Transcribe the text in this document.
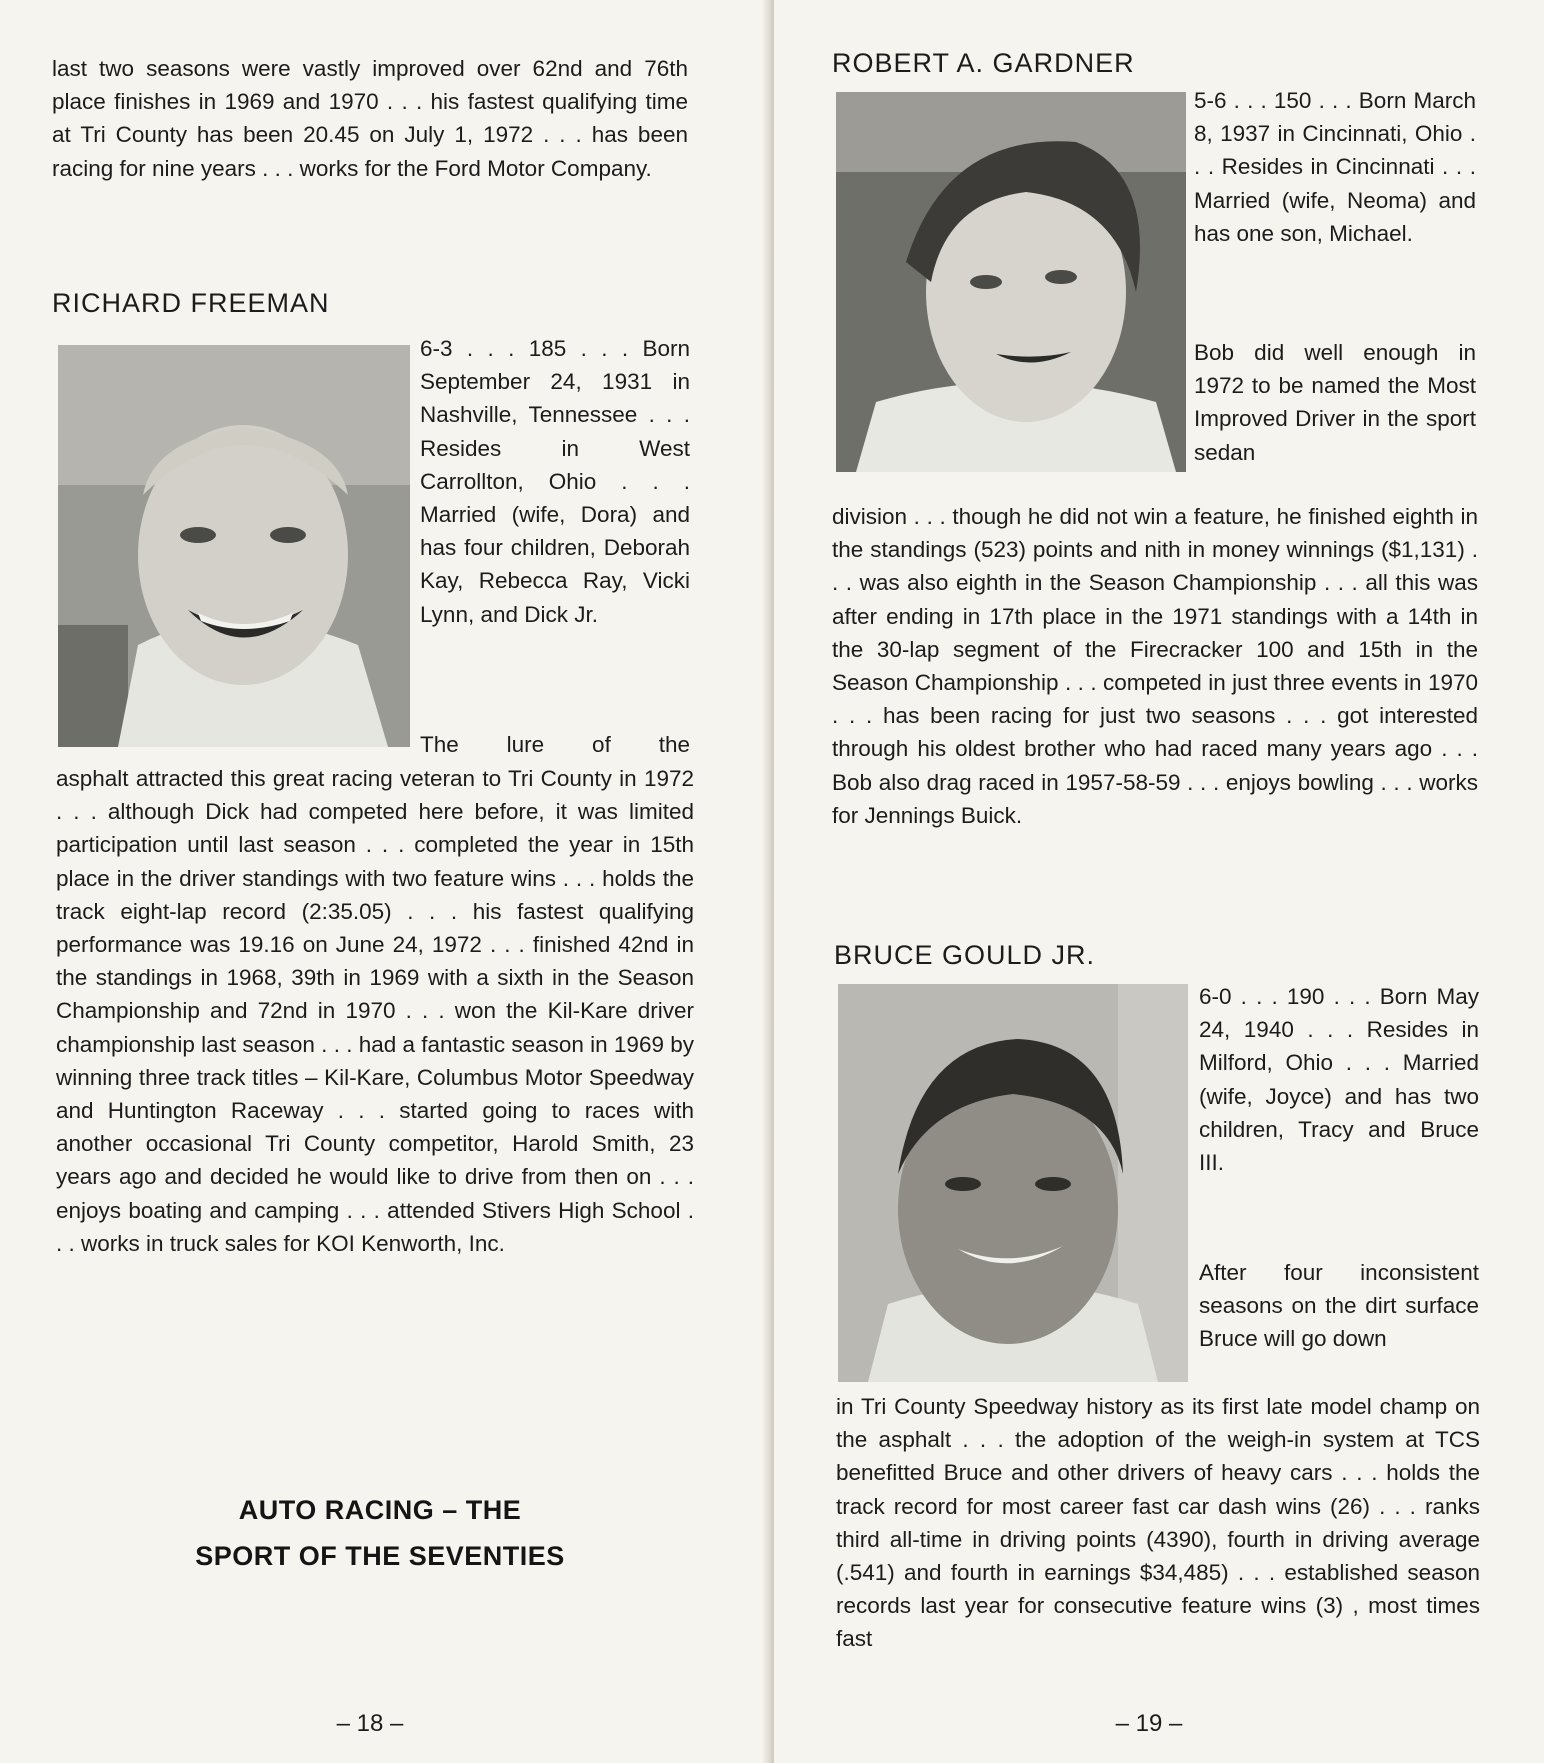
last two seasons were vastly improved over 62nd and 76th place finishes in 1969 and 1970 . . . his fastest qualifying time at Tri County has been 20.45 on July 1, 1972 . . . has been racing for nine years . . . works for the Ford Motor Company.

RICHARD FREEMAN

6-3 . . . 185 . . . Born September 24, 1931 in Nashville, Tennessee . . . Resides in West Carrollton, Ohio . . . Married (wife, Dora) and has four children, Deborah Kay, Rebecca Ray, Vicki Lynn, and Dick Jr.

The lure of the

asphalt attracted this great racing veteran to Tri County in 1972 . . . although Dick had competed here before, it was limited participation until last season . . . completed the year in 15th place in the driver standings with two feature wins . . . holds the track eight-lap record (2:35.05) . . . his fastest qualifying performance was 19.16 on June 24, 1972 . . . finished 42nd in the standings in 1968, 39th in 1969 with a sixth in the Season Championship and 72nd in 1970 . . . won the Kil-Kare driver championship last season . . . had a fantastic season in 1969 by winning three track titles – Kil-Kare, Columbus Motor Speedway and Huntington Raceway . . . started going to races with another occasional Tri County competitor, Harold Smith, 23 years ago and decided he would like to drive from then on . . . enjoys boating and camping . . . attended Stivers High School . . . works in truck sales for KOI Kenworth, Inc.

AUTO RACING – THE
SPORT OF THE SEVENTIES
– 18 –
ROBERT A. GARDNER

5-6 . . . 150 . . . Born March 8, 1937 in Cincinnati, Ohio . . . Resides in Cincinnati . . . Married (wife, Neoma) and has one son, Michael.

Bob did well enough in 1972 to be named the Most Improved Driver in the sport sedan

division . . . though he did not win a feature, he finished eighth in the standings (523) points and nith in money winnings ($1,131) . . . was also eighth in the Season Championship . . . all this was after ending in 17th place in the 1971 standings with a 14th in the 30-lap segment of the Firecracker 100 and 15th in the Season Championship . . . competed in just three events in 1970 . . . has been racing for just two seasons . . . got interested through his oldest brother who had raced many years ago . . . Bob also drag raced in 1957-58-59 . . . enjoys bowling . . . works for Jennings Buick.

BRUCE GOULD JR.

6-0 . . . 190 . . . Born May 24, 1940 . . . Resides in Milford, Ohio . . . Married (wife, Joyce) and has two children, Tracy and Bruce III.

After four inconsistent seasons on the dirt surface Bruce will go down

in Tri County Speedway history as its first late model champ on the asphalt . . . the adoption of the weigh-in system at TCS benefitted Bruce and other drivers of heavy cars . . . holds the track record for most career fast car dash wins (26) . . . ranks third all-time in driving points (4390), fourth in driving average (.541) and fourth in earnings $34,485) . . . established season records last year for consecutive feature wins (3) , most times fast

– 19 –
